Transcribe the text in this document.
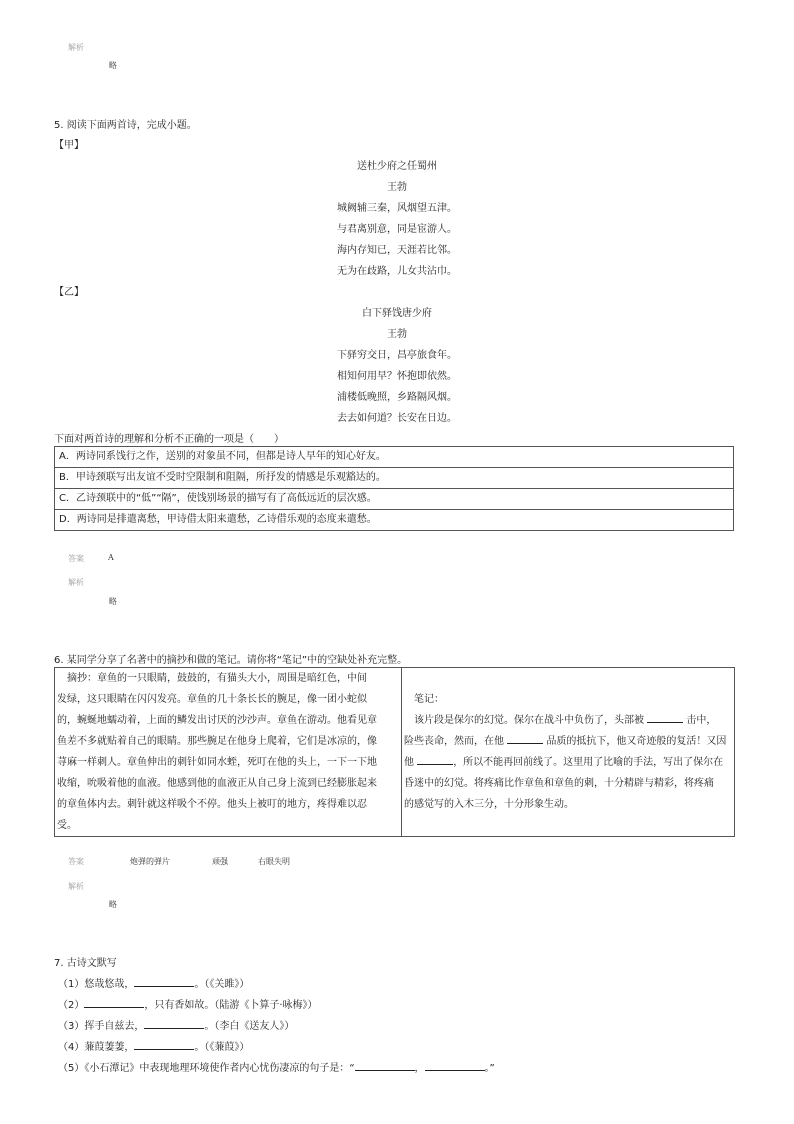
解析
略
5. 阅读下面两首诗，完成小题。
【甲】
送杜少府之任蜀州
王勃
城阙辅三秦，风烟望五津。
与君离别意，同是宦游人。
海内存知已，天涯若比邻。
无为在歧路，儿女共沾巾。
【乙】
白下驿饯唐少府
王勃
下驿穷交日，昌亭旅食年。
相知何用早？怀抱即依然。
浦楼低晚照，乡路隔风烟。
去去如何道？长安在日边。
下面对两首诗的理解和分析不正确的一项是（　　）
A．两诗同系饯行之作，送别的对象虽不同，但都是诗人早年的知心好友。
B．甲诗颈联写出友谊不受时空限制和阻隔，所抒发的情感是乐观豁达的。
C．乙诗颈联中的“低”“隔”，使饯别场景的描写有了高低远近的层次感。
D．两诗同是排遣离愁，甲诗借太阳来遣愁，乙诗借乐观的态度来遣愁。
答案	A
解析
略
6. 某同学分享了名著中的摘抄和做的笔记。请你将“笔记”中的空缺处补充完整。
　摘抄：章鱼的一只眼睛，鼓鼓的，有猫头大小，周围是暗红色，中间
发绿，这只眼睛在闪闪发亮。章鱼的几十条长长的腕足，像一团小蛇似
的，蜿蜒地蠕动着，上面的鳞发出讨厌的沙沙声。章鱼在游动。他看见章
鱼差不多就贴着自己的眼睛。那些腕足在他身上爬着，它们是冰凉的，像
荨麻一样刺人。章鱼伸出的刺针如同水蛭，死叮在他的头上，一下一下地
收缩，吮吸着他的血液。他感到他的血液正从自己身上流到已经膨胀起来
的章鱼体内去。刺针就这样吸个不停。他头上被叮的地方，疼得难以忍
受。

　笔记：
　该片段是保尔的幻觉。保尔在战斗中负伤了，头部被	击中，
险些丧命，然而，在他	品质的抵抗下，他又奇迹般的复活！又因
他	，所以不能再回前线了。这里用了比喻的手法，写出了保尔在
昏迷中的幻觉。将疼痛比作章鱼和章鱼的刺，十分精辟与精彩，将疼痛
的感觉写的入木三分，十分形象生动。
答案	炮弹的弹片	顽强	右眼失明
解析
略
7. 古诗文默写
（1）悠哉悠哉，	。（《关雎》）
（2）	，只有香如故。（陆游《卜算子·咏梅》）
（3）挥手自兹去，	。（李白《送友人》）
（4）蒹葭萋萋，	。（《蒹葭》）
（5）《小石潭记》中表现地理环境使作者内心忧伤凄凉的句子是：“	，	。”
